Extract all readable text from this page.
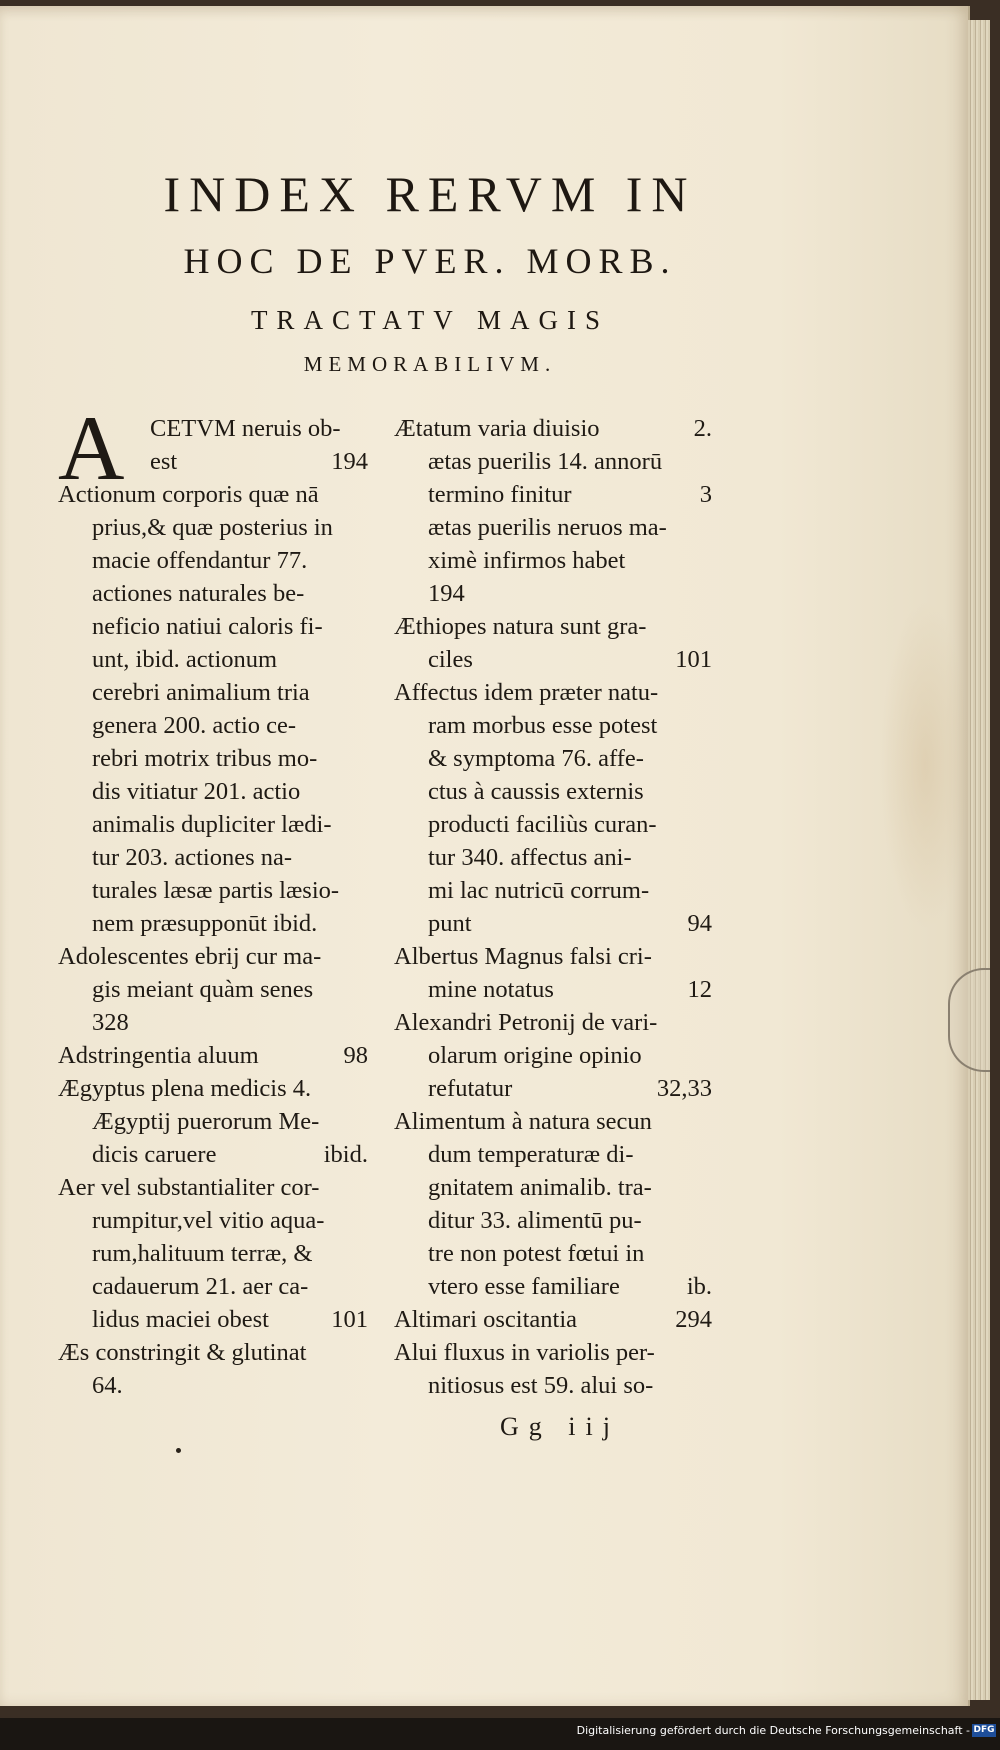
INDEX RERVM IN
HOC DE PVER. MORB.
TRACTATV MAGIS
MEMORABILIVM.
A	CETVM neruis ob-
est	194
Actionum corporis quæ nā
prius,& quæ posterius in
macie offendantur 77.
actiones naturales be-
neficio natiui caloris fi-
unt, ibid. actionum
cerebri animalium tria
genera 200. actio ce-
rebri motrix tribus mo-
dis vitiatur 201. actio
animalis dupliciter lædi-
tur 203. actiones na-
turales læsæ partis læsio-
nem præsupponūt ibid.
Adolescentes ebrij cur ma-
gis meiant quàm senes
328
Adstringentia aluum	98
Ægyptus plena medicis 4.
Ægyptij puerorum Me-
dicis caruere	ibid.
Aer vel substantialiter cor-
rumpitur,vel vitio aqua-
rum,halituum terræ, &
cadauerum 21. aer ca-
lidus maciei obest	101
Æs constringit & glutinat
64.
Ætatum varia diuisio	2.
ætas puerilis 14. annorū
termino finitur	3
ætas puerilis neruos ma-
ximè infirmos habet
194
Æthiopes natura sunt gra-
ciles	101
Affectus idem præter natu-
ram morbus esse potest
& symptoma 76. affe-
ctus à caussis externis
producti faciliùs curan-
tur 340. affectus ani-
mi lac nutricū corrum-
punt	94
Albertus Magnus falsi cri-
mine notatus	12
Alexandri Petronij de vari-
olarum origine opinio
refutatur	32,33
Alimentum à natura secun
dum temperaturæ di-
gnitatem animalib. tra-
ditur 33. alimentū pu-
tre non potest fœtui in
vtero esse familiare	ib.
Altimari oscitantia	294
Alui fluxus in variolis per-
nitiosus est 59. alui so-
Gg iij
Digitalisierung gefördert durch die Deutsche Forschungsgemeinschaft - DFG
